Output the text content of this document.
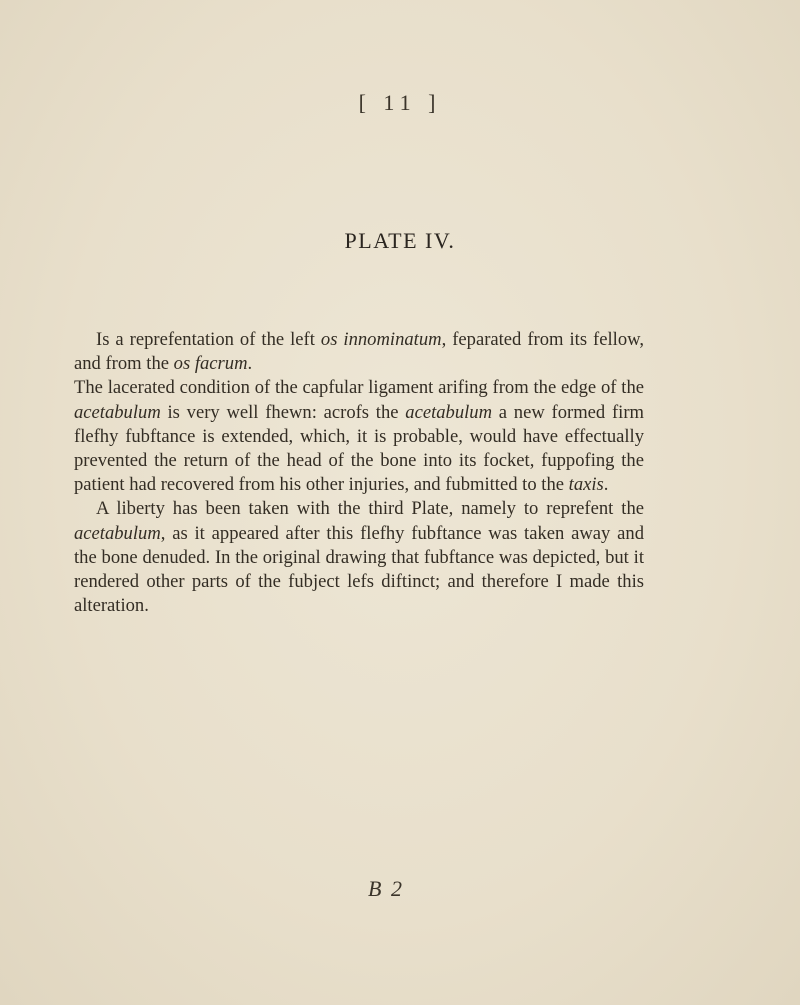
[ 11 ]
PLATE IV.

Is a reprefentation of the left os innominatum, feparated from its fellow, and from the os facrum.
The lacerated condition of the capfular ligament arifing from the edge of the acetabulum is very well fhewn: acrofs the acetabulum a new formed firm flefhy fubftance is extended, which, it is probable, would have effectually prevented the return of the head of the bone into its focket, fuppofing the patient had recovered from his other injuries, and fubmitted to the taxis.

A liberty has been taken with the third Plate, namely to reprefent the acetabulum, as it appeared after this flefhy fubftance was taken away and the bone denuded. In the original drawing that fubftance was depicted, but it rendered other parts of the fubject lefs diftinct; and therefore I made this alteration.

B 2
